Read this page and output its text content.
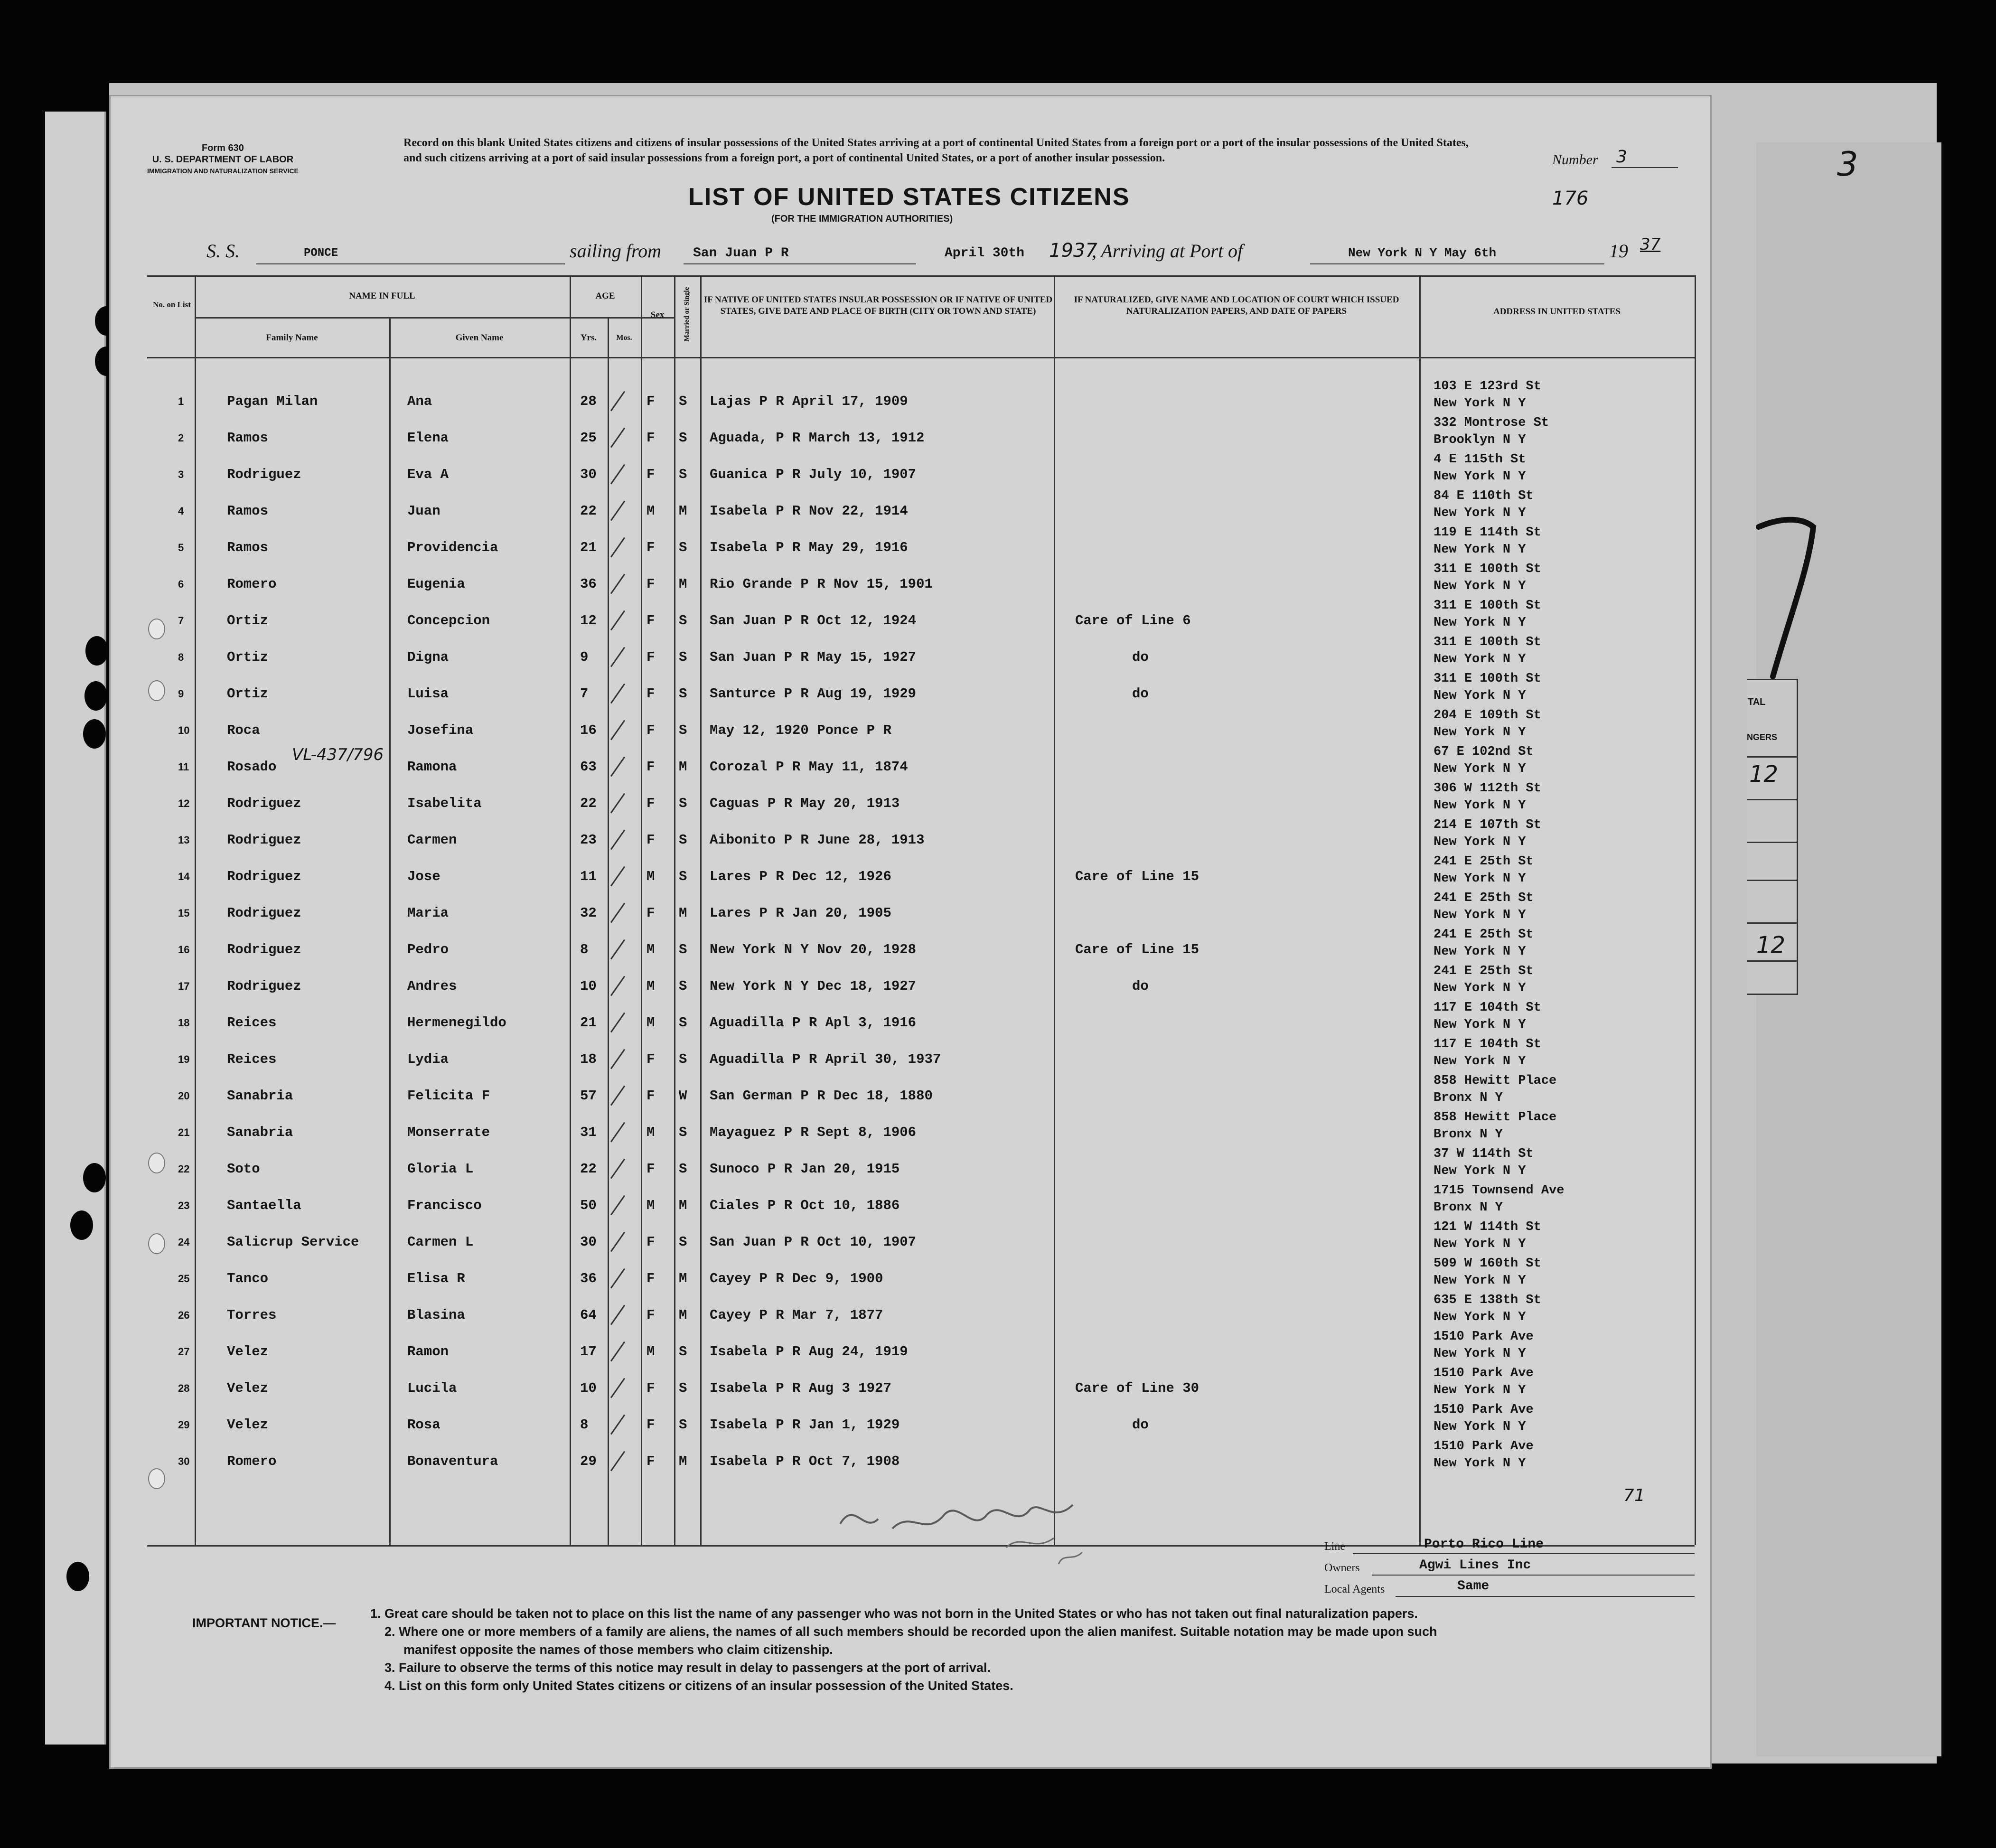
Form 630
U. S. DEPARTMENT OF LABOR
IMMIGRATION AND NATURALIZATION SERVICE
Record on this blank United States citizens and citizens of insular possessions of the United States arriving at a port of continental United States from a foreign port or a port of the insular possessions of the United States, and such citizens arriving at a port of said insular possessions from a foreign port, a port of continental United States, or a port of another insular possession.	Number 3	3
LIST OF UNITED STATES CITIZENS
(FOR THE IMMIGRATION AUTHORITIES)
176
S. S.	PONCE	sailing from San Juan P R	April 30th 1937
, Arriving at Port of	New York N Y May 6th	19 37
No. on List
NAME IN FULL
Family Name	Given Name
AGE
Yrs.	Mos.
Sex	Married or Single IF NATIVE OF UNITED STATES INSULAR POSSESSION OR IF NATIVE OF UNITED STATES, GIVE DATE AND PLACE OF BIRTH (CITY OR TOWN AND STATE)
IF NATURALIZED, GIVE NAME AND LOCATION OF COURT WHICH ISSUED NATURALIZATION PAPERS, AND DATE OF PAPERS	ADDRESS IN UNITED STATES
1	Pagan Milan	Ana	28	F S Lajas P R April 17, 1909
103 E 123rd St
New York N Y
2	Ramos	Elena	25	F S Aguada, P R March 13, 1912
332 Montrose St
Brooklyn N Y
3	Rodriguez	Eva A	30	F S Guanica P R July 10, 1907
4 E 115th St
New York N Y
4	Ramos	Juan	22	M M Isabela P R Nov 22, 1914
84 E 110th St
New York N Y
5	Ramos	Providencia	21	F S Isabela P R May 29, 1916
119 E 114th St
New York N Y
6	Romero	Eugenia	36	F M Rio Grande P R Nov 15, 1901
311 E 100th St
New York N Y
7	Ortiz	Concepcion	12	F S San Juan P R Oct 12, 1924	Care of Line 6
311 E 100th St
New York N Y
8	Ortiz	Digna	9	F S San Juan P R May 15, 1927	do
311 E 100th St
New York N Y
9	Ortiz	Luisa	7	F S Santurce P R Aug 19, 1929	do
311 E 100th St
New York N Y
10	Roca	Josefina	16	F S May 12, 1920 Ponce P R
204 E 109th St
New York N Y
11	Rosado	Ramona	63	F M Corozal P R May 11, 1874
67 E 102nd St
New York N Y
12	Rodriguez	Isabelita	22	F S Caguas P R May 20, 1913
306 W 112th St
New York N Y
13	Rodriguez	Carmen	23	F S Aibonito P R June 28, 1913
214 E 107th St
New York N Y
14	Rodriguez	Jose	11	M S Lares P R Dec 12, 1926	Care of Line 15
241 E 25th St
New York N Y
15	Rodriguez	Maria	32	F M Lares P R Jan 20, 1905
241 E 25th St
New York N Y
16	Rodriguez	Pedro	8	M S New York N Y Nov 20, 1928	Care of Line 15
241 E 25th St
New York N Y
17	Rodriguez	Andres	10	M S New York N Y Dec 18, 1927	do
241 E 25th St
New York N Y
18	Reices	Hermenegildo	21	M S Aguadilla P R Apl 3, 1916
117 E 104th St
New York N Y
19	Reices	Lydia	18	F S Aguadilla P R April 30, 1937
117 E 104th St
New York N Y
20	Sanabria	Felicita F	57	F W San German P R Dec 18, 1880
858 Hewitt Place
Bronx N Y
21	Sanabria	Monserrate	31	M S Mayaguez P R Sept 8, 1906
858 Hewitt Place
Bronx N Y
22	Soto	Gloria L	22	F S Sunoco P R Jan 20, 1915
37 W 114th St
New York N Y
23	Santaella	Francisco	50	M M Ciales P R Oct 10, 1886
1715 Townsend Ave
Bronx N Y
24	Salicrup Service	Carmen L	30	F S San Juan P R Oct 10, 1907
121 W 114th St
New York N Y
25	Tanco	Elisa R	36	F M Cayey P R Dec 9, 1900
509 W 160th St
New York N Y
26	Torres	Blasina	64	F M Cayey P R Mar 7, 1877
635 E 138th St
New York N Y
27	Velez	Ramon	17	M S Isabela P R Aug 24, 1919
1510 Park Ave
New York N Y
28	Velez	Lucila	10	F S Isabela P R Aug 3 1927	Care of Line 30
1510 Park Ave
New York N Y
29	Velez	Rosa	8	F S Isabela P R Jan 1, 1929	do
1510 Park Ave
New York N Y
30	Romero	Bonaventura	29	F M Isabela P R Oct 7, 1908
1510 Park Ave
New York N Y
VL-437/796
71
TAL
NGERS
12
12
Line	Porto Rico Line
Owners	Agwi Lines Inc
Local Agents	Same
IMPORTANT NOTICE.—
1. Great care should be taken not to place on this list the name of any passenger who was not born in the United States or who has not taken out final naturalization papers.
2. Where one or more members of a family are aliens, the names of all such members should be recorded upon the alien manifest. Suitable notation may be made upon such
manifest opposite the names of those members who claim citizenship.
3. Failure to observe the terms of this notice may result in delay to passengers at the port of arrival.
4. List on this form only United States citizens or citizens of an insular possession of the United States.
